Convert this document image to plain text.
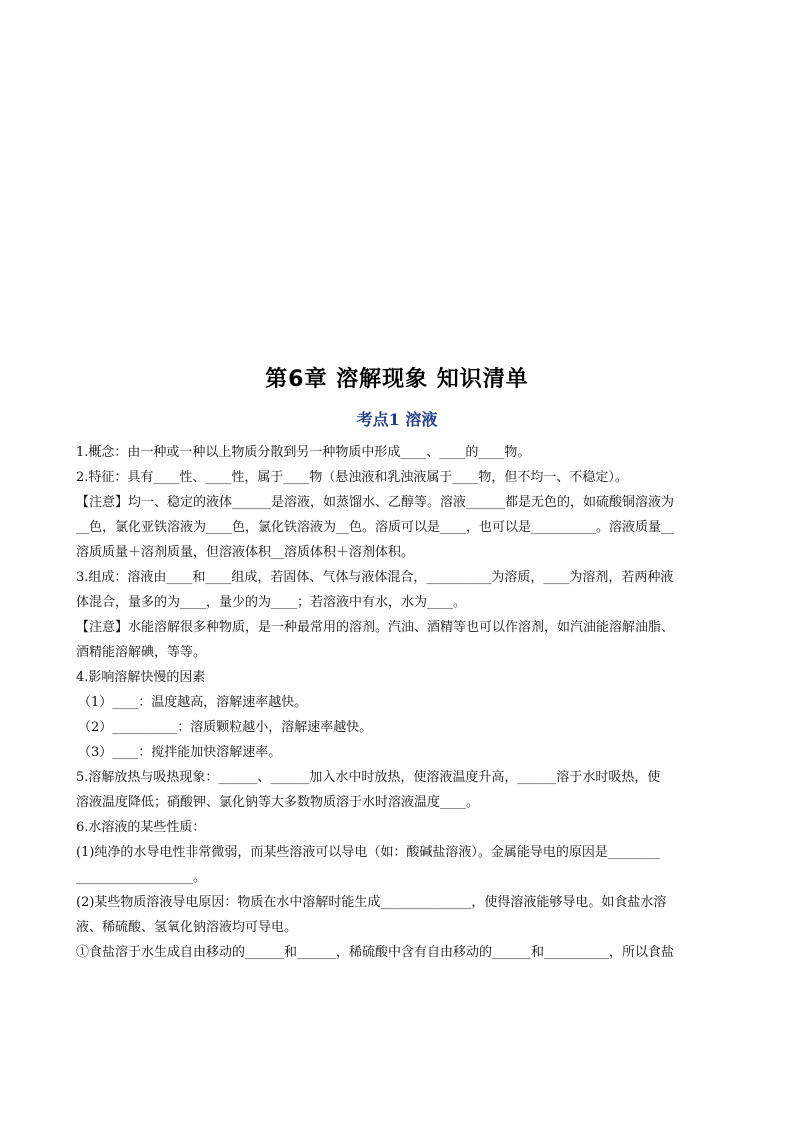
第6章 溶解现象 知识清单
考点1 溶液
1.概念：由一种或一种以上物质分散到另一种物质中形成____、____的____物。
2.特征：具有____性、____性，属于____物（悬浊液和乳浊液属于____物，但不均一、不稳定）。
【注意】均一、稳定的液体______是溶液，如蒸馏水、乙醇等。溶液______都是无色的，如硫酸铜溶液为
__色，氯化亚铁溶液为____色，氯化铁溶液为__色。溶质可以是____，也可以是__________。溶液质量__
溶质质量＋溶剂质量，但溶液体积__溶质体积＋溶剂体积。
3.组成：溶液由____和____组成，若固体、气体与液体混合，__________为溶质，____为溶剂，若两种液
体混合，量多的为____，量少的为____；若溶液中有水，水为____。
【注意】水能溶解很多种物质，是一种最常用的溶剂。汽油、酒精等也可以作溶剂，如汽油能溶解油脂、
酒精能溶解碘，等等。
4.影响溶解快慢的因素
（1）____：温度越高，溶解速率越快。
（2）__________：溶质颗粒越小，溶解速率越快。
（3）____：搅拌能加快溶解速率。
5.溶解放热与吸热现象：______、______加入水中时放热，使溶液温度升高，______溶于水时吸热，使
溶液温度降低；硝酸钾、氯化钠等大多数物质溶于水时溶液温度____。
6.水溶液的某些性质：
(1)纯净的水导电性非常微弱，而某些溶液可以导电（如：酸碱盐溶液）。金属能导电的原因是________
__________________。
(2)某些物质溶液导电原因：物质在水中溶解时能生成______________，使得溶液能够导电。如食盐水溶
液、稀硫酸、氢氧化钠溶液均可导电。
①食盐溶于水生成自由移动的______和______，稀硫酸中含有自由移动的______和__________，所以食盐
